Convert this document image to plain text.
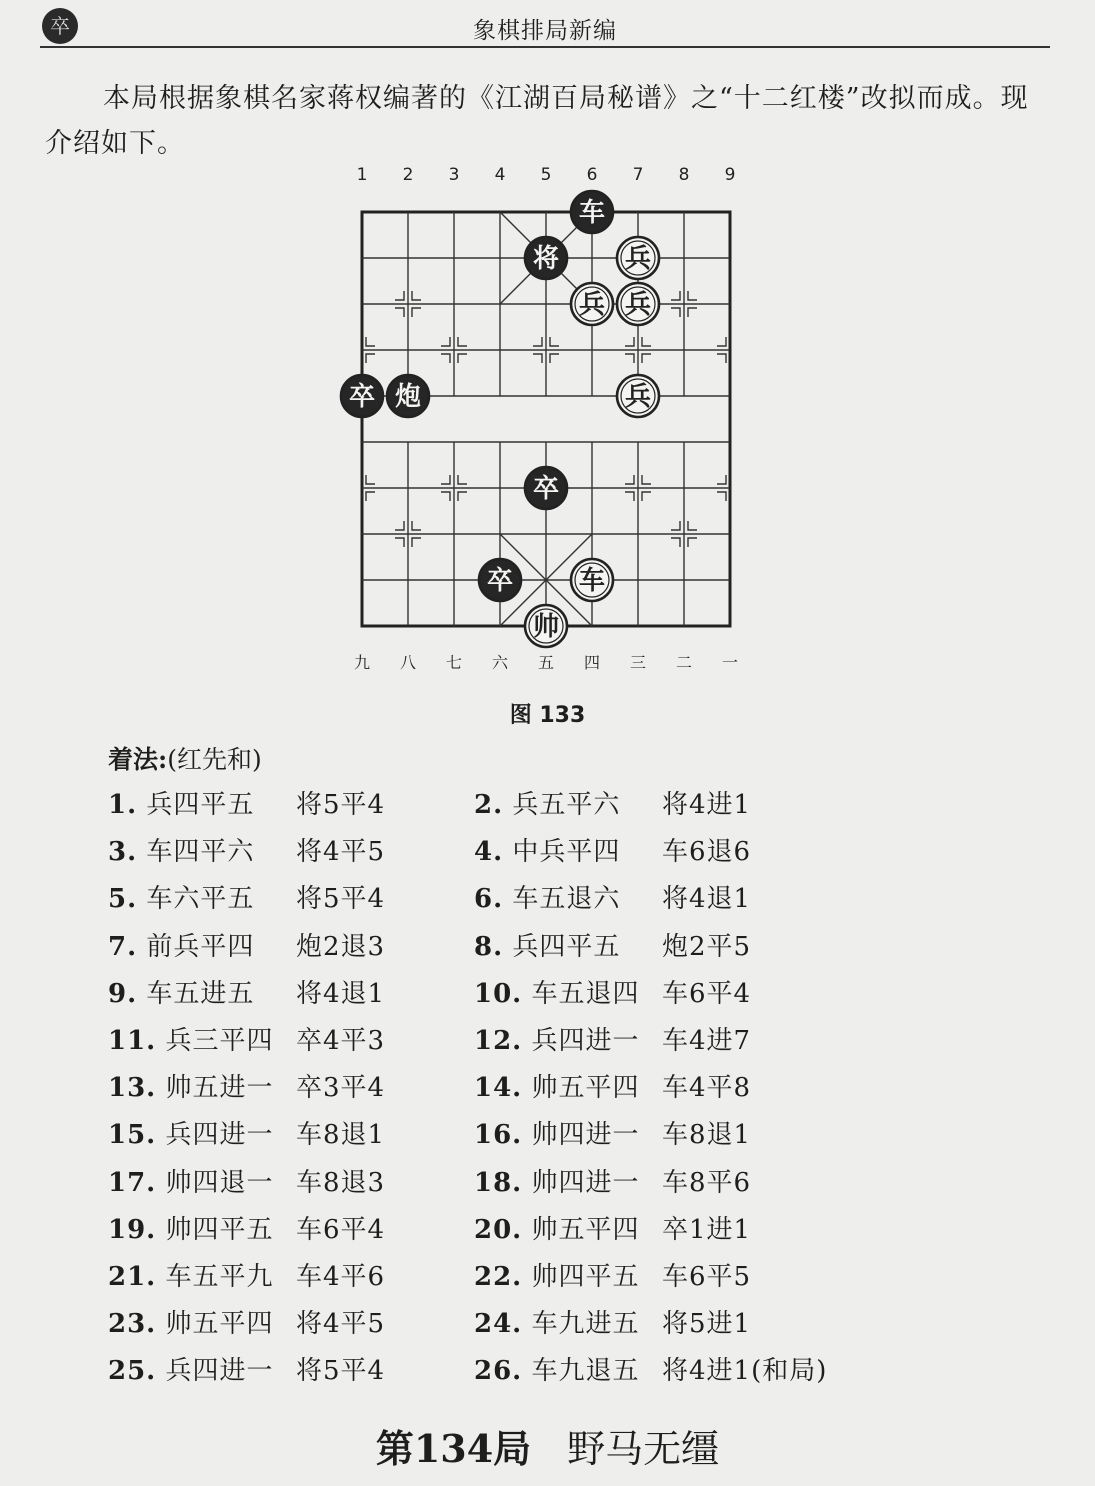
卒	象棋排局新编
本局根据象棋名家蒋权编著的《江湖百局秘谱》之“十二红楼”改拟而成。现介绍如下。
1 2 3 4 5 6 7 8 9
九 八 七 六 五 四 三 二 一
车
将	兵
兵 兵
卒 炮	兵
卒
卒	车
帅
图 133
着法:(红先和)
1. 兵四平五 将5平4	2. 兵五平六 将4进1
3. 车四平六 将4平5	4. 中兵平四 车6退6
5. 车六平五 将5平4	6. 车五退六 将4退1
7. 前兵平四 炮2退3	8. 兵四平五 炮2平5
9. 车五进五 将4退1	10. 车五退四 车6平4
11. 兵三平四 卒4平3	12. 兵四进一 车4进7
13. 帅五进一 卒3平4	14. 帅五平四 车4平8
15. 兵四进一 车8退1	16. 帅四进一 车8退1
17. 帅四退一 车8退3	18. 帅四进一 车8平6
19. 帅四平五 车6平4	20. 帅五平四 卒1进1
21. 车五平九 车4平6	22. 帅四平五 车6平5
23. 帅五平四 将4平5	24. 车九进五 将5进1
25. 兵四进一 将5平4	26. 车九退五 将4进1(和局)
第134局 野马无缰
